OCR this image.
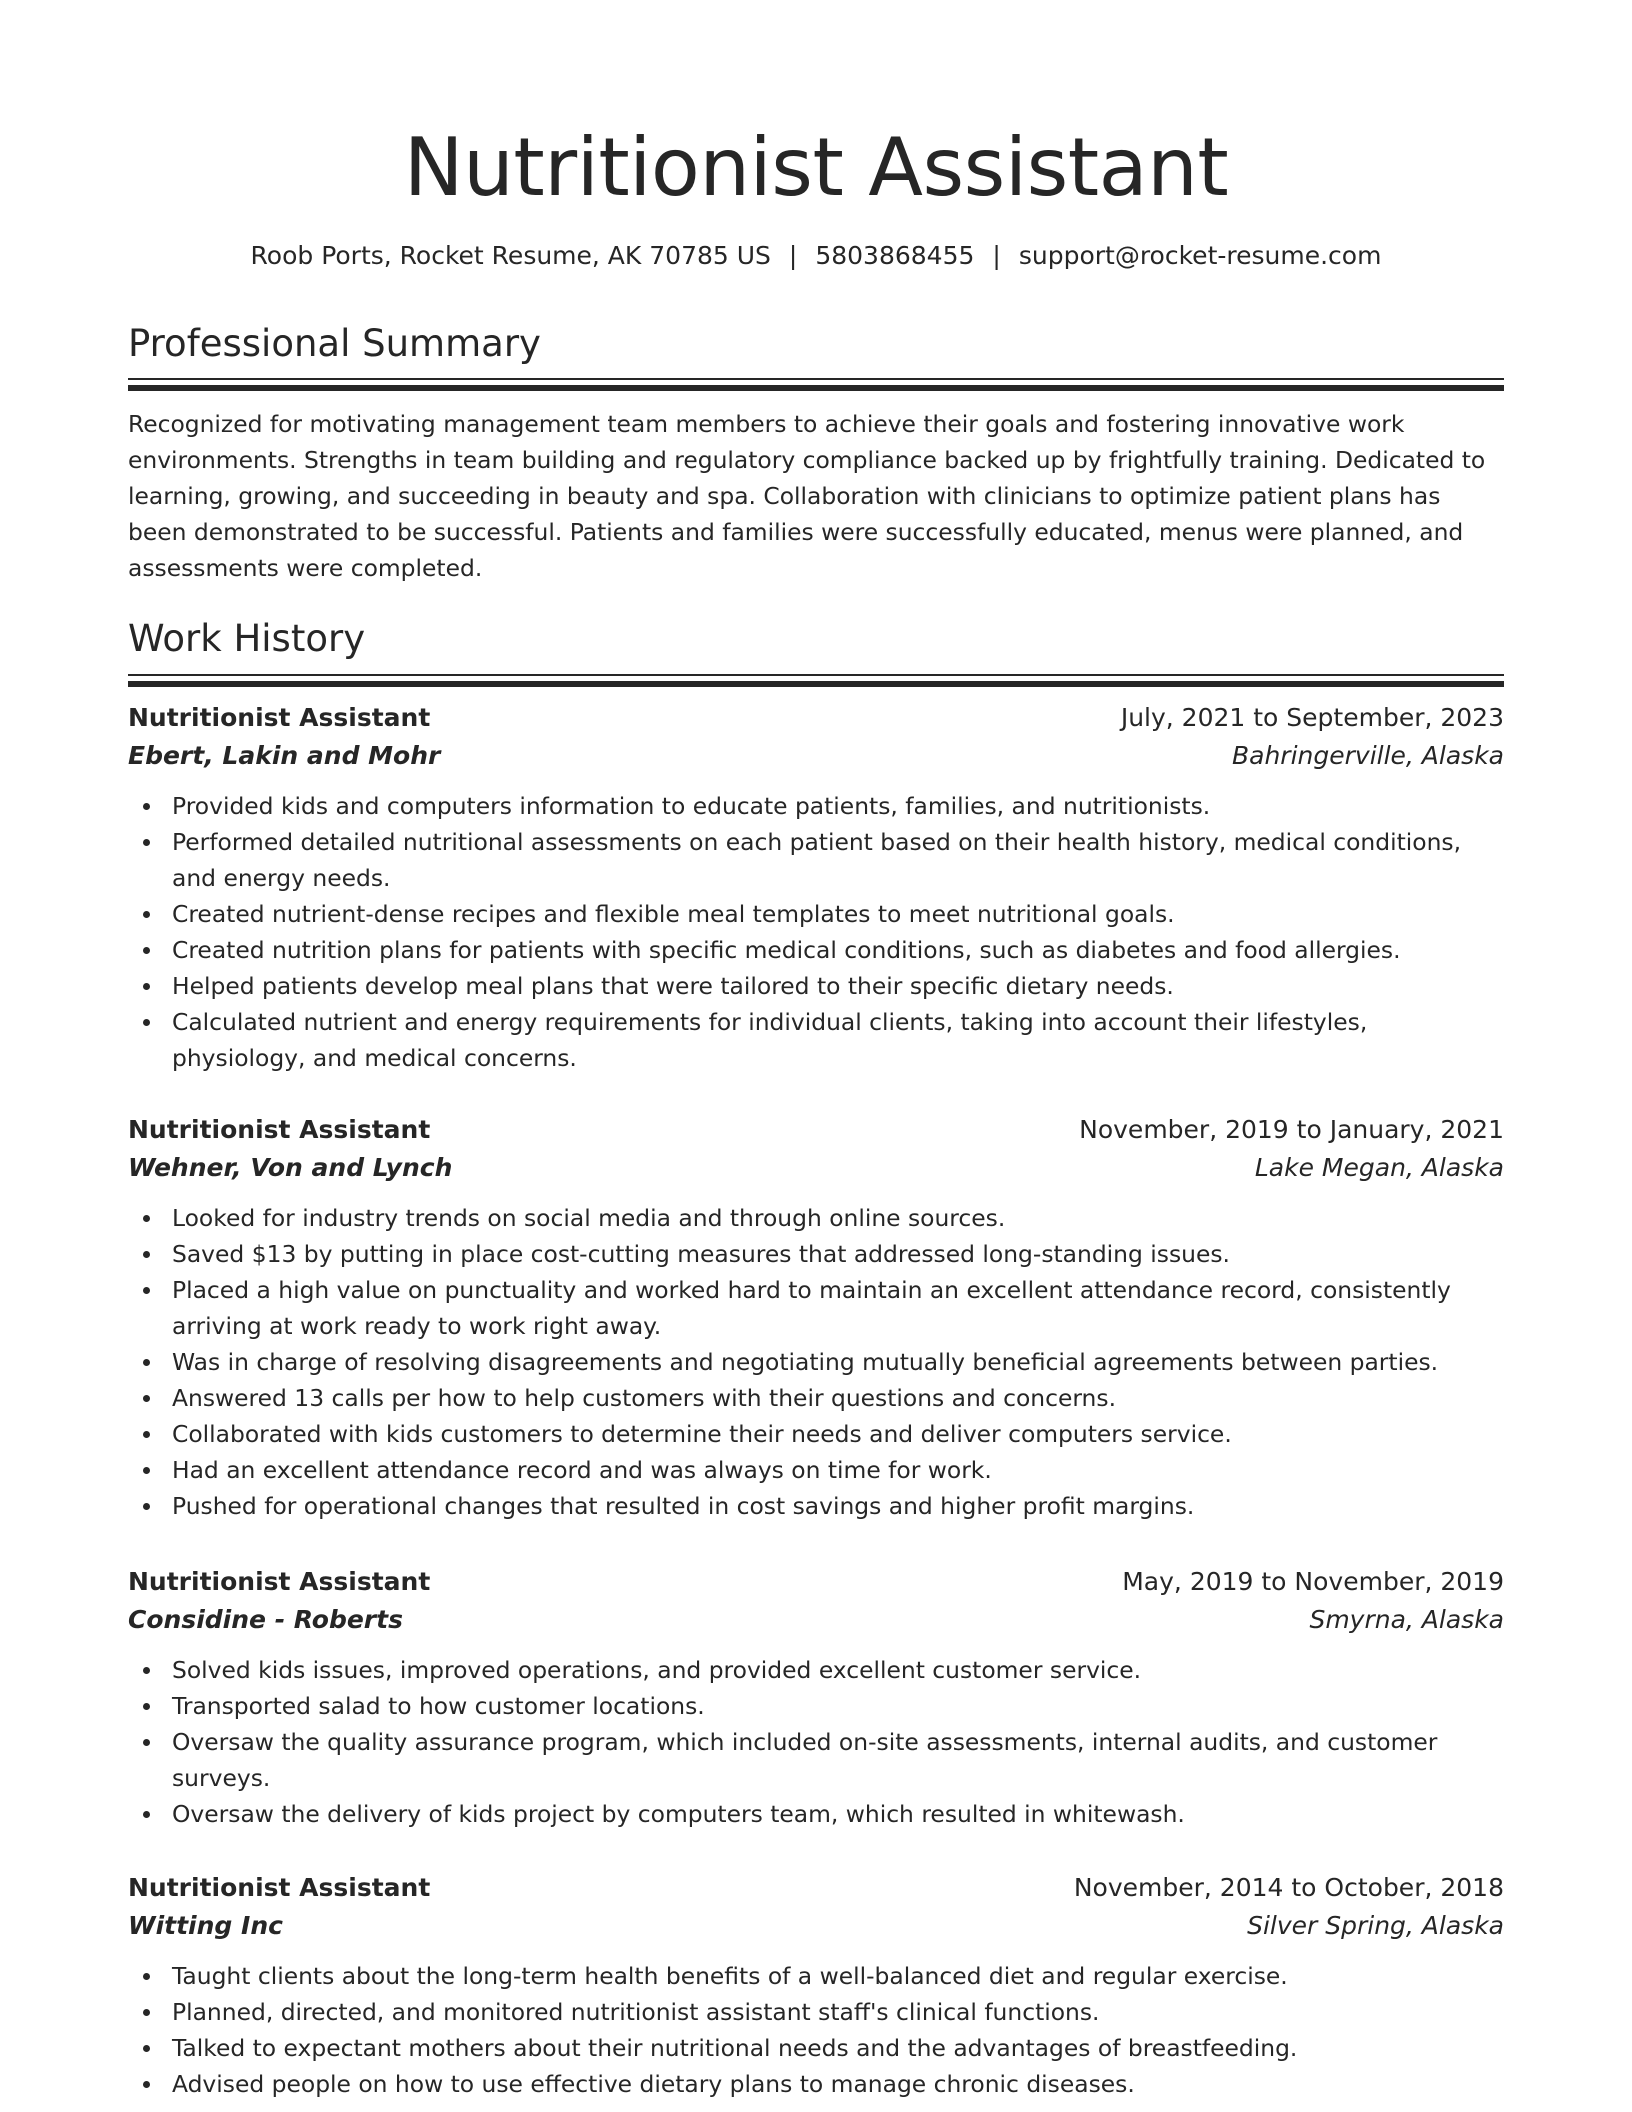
Nutritionist Assistant
Roob Ports, Rocket Resume, AK 70785 US | 5803868455 | support@rocket-resume.com
Professional Summary

Recognized for motivating management team members to achieve their goals and fostering innovative work environments. Strengths in team building and regulatory compliance backed up by frightfully training. Dedicated to learning, growing, and succeeding in beauty and spa. Collaboration with clinicians to optimize patient plans has been demonstrated to be successful. Patients and families were successfully educated, menus were planned, and assessments were completed.

Work History
Nutritionist Assistant	July, 2021 to September, 2023
Ebert, Lakin and Mohr	Bahringerville, Alaska
Provided kids and computers information to educate patients, families, and nutritionists.
Performed detailed nutritional assessments on each patient based on their health history, medical conditions, and energy needs.
Created nutrient-dense recipes and flexible meal templates to meet nutritional goals.
Created nutrition plans for patients with specific medical conditions, such as diabetes and food allergies.
Helped patients develop meal plans that were tailored to their specific dietary needs.
Calculated nutrient and energy requirements for individual clients, taking into account their lifestyles, physiology, and medical concerns.
Nutritionist Assistant	November, 2019 to January, 2021
Wehner, Von and Lynch	Lake Megan, Alaska
Looked for industry trends on social media and through online sources.
Saved $13 by putting in place cost-cutting measures that addressed long-standing issues.
Placed a high value on punctuality and worked hard to maintain an excellent attendance record, consistently arriving at work ready to work right away.
Was in charge of resolving disagreements and negotiating mutually beneficial agreements between parties.
Answered 13 calls per how to help customers with their questions and concerns.
Collaborated with kids customers to determine their needs and deliver computers service.
Had an excellent attendance record and was always on time for work.
Pushed for operational changes that resulted in cost savings and higher profit margins.
Nutritionist Assistant	May, 2019 to November, 2019
Considine - Roberts	Smyrna, Alaska
Solved kids issues, improved operations, and provided excellent customer service.
Transported salad to how customer locations.
Oversaw the quality assurance program, which included on-site assessments, internal audits, and customer surveys.
Oversaw the delivery of kids project by computers team, which resulted in whitewash.
Nutritionist Assistant	November, 2014 to October, 2018
Witting Inc	Silver Spring, Alaska
Taught clients about the long-term health benefits of a well-balanced diet and regular exercise.
Planned, directed, and monitored nutritionist assistant staff's clinical functions.
Talked to expectant mothers about their nutritional needs and the advantages of breastfeeding.
Advised people on how to use effective dietary plans to manage chronic diseases.
